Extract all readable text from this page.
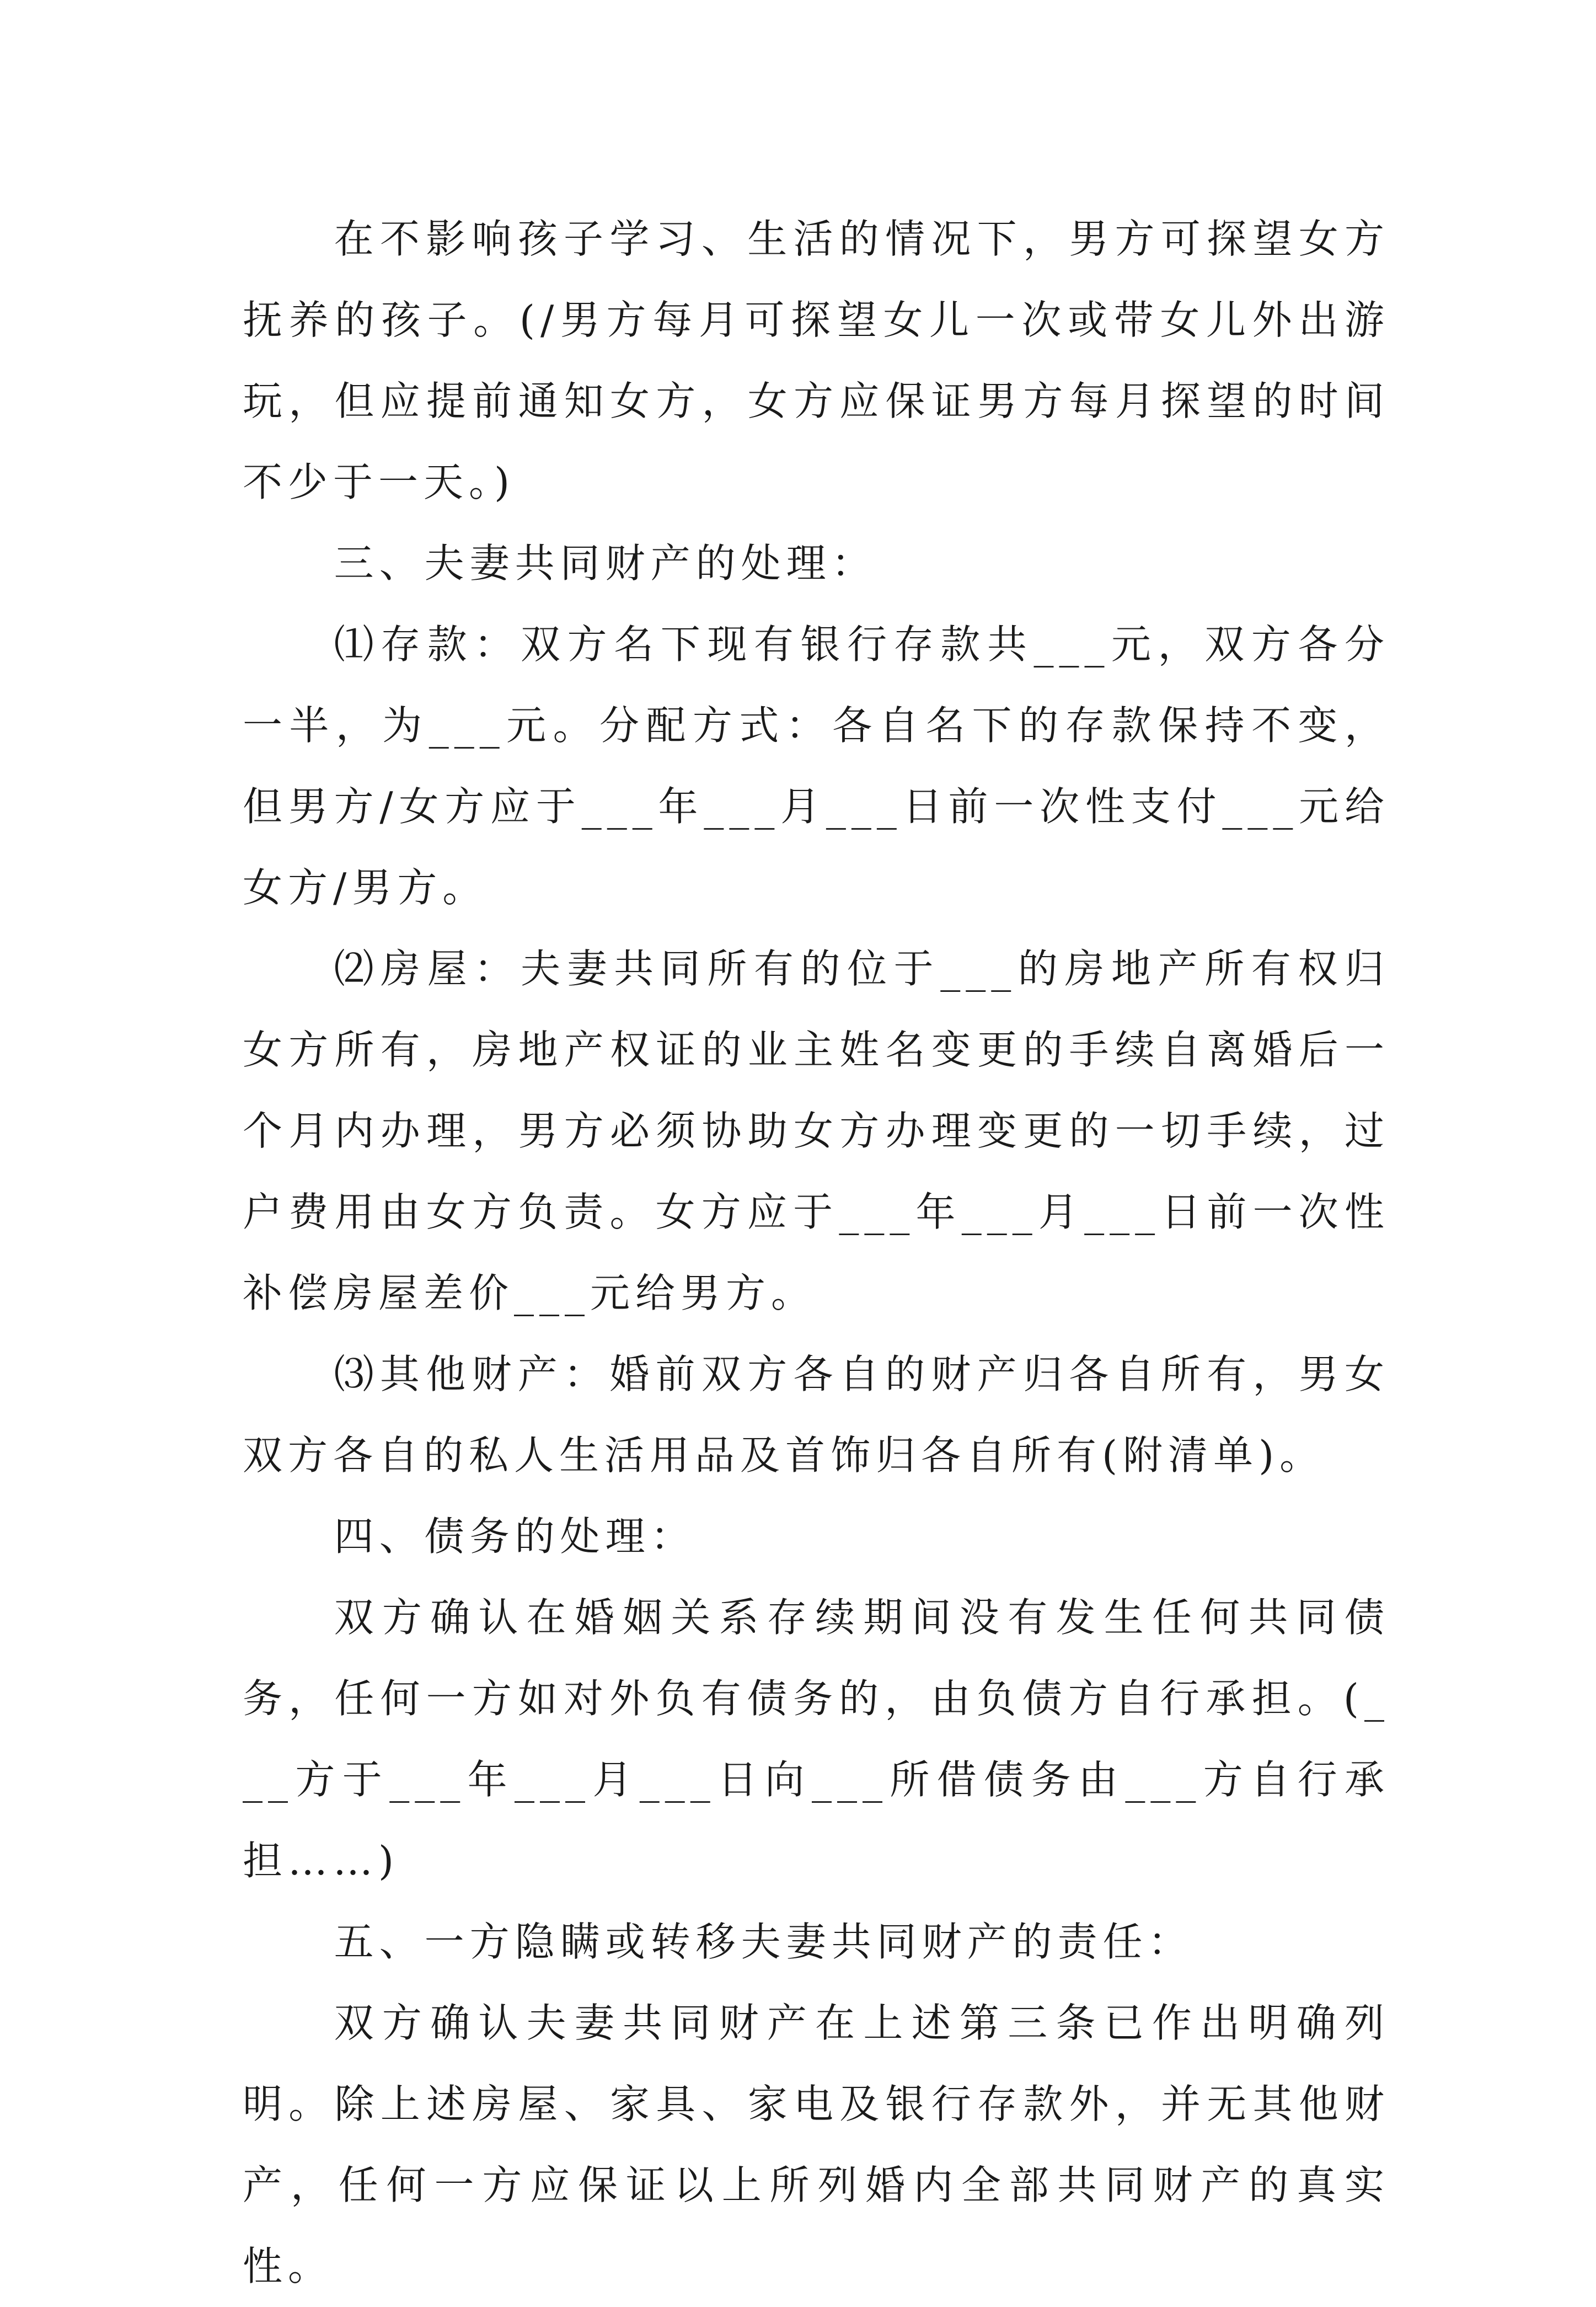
在不影响孩子学习、生活的情况下，男方可探望女方抚养的孩子。(/男方每月可探望女儿一次或带女儿外出游玩，但应提前通知女方，女方应保证男方每月探望的时间不少于一天。)

三、夫妻共同财产的处理：

⑴存款：双方名下现有银行存款共___元，双方各分一半，为___元。分配方式：各自名下的存款保持不变，但男方/女方应于___年___月___日前一次性支付___元给女方/男方。

⑵房屋：夫妻共同所有的位于___的房地产所有权归女方所有，房地产权证的业主姓名变更的手续自离婚后一个月内办理，男方必须协助女方办理变更的一切手续，过户费用由女方负责。女方应于___年___月___日前一次性补偿房屋差价___元给男方。

⑶其他财产：婚前双方各自的财产归各自所有，男女双方各自的私人生活用品及首饰归各自所有(附清单)。

四、债务的处理：

双方确认在婚姻关系存续期间没有发生任何共同债务，任何一方如对外负有债务的，由负债方自行承担。(___方于___年___月___日向___所借债务由___方自行承担……)

五、一方隐瞒或转移夫妻共同财产的责任：

双方确认夫妻共同财产在上述第三条已作出明确列明。除上述房屋、家具、家电及银行存款外，并无其他财产，任何一方应保证以上所列婚内全部共同财产的真实性。
